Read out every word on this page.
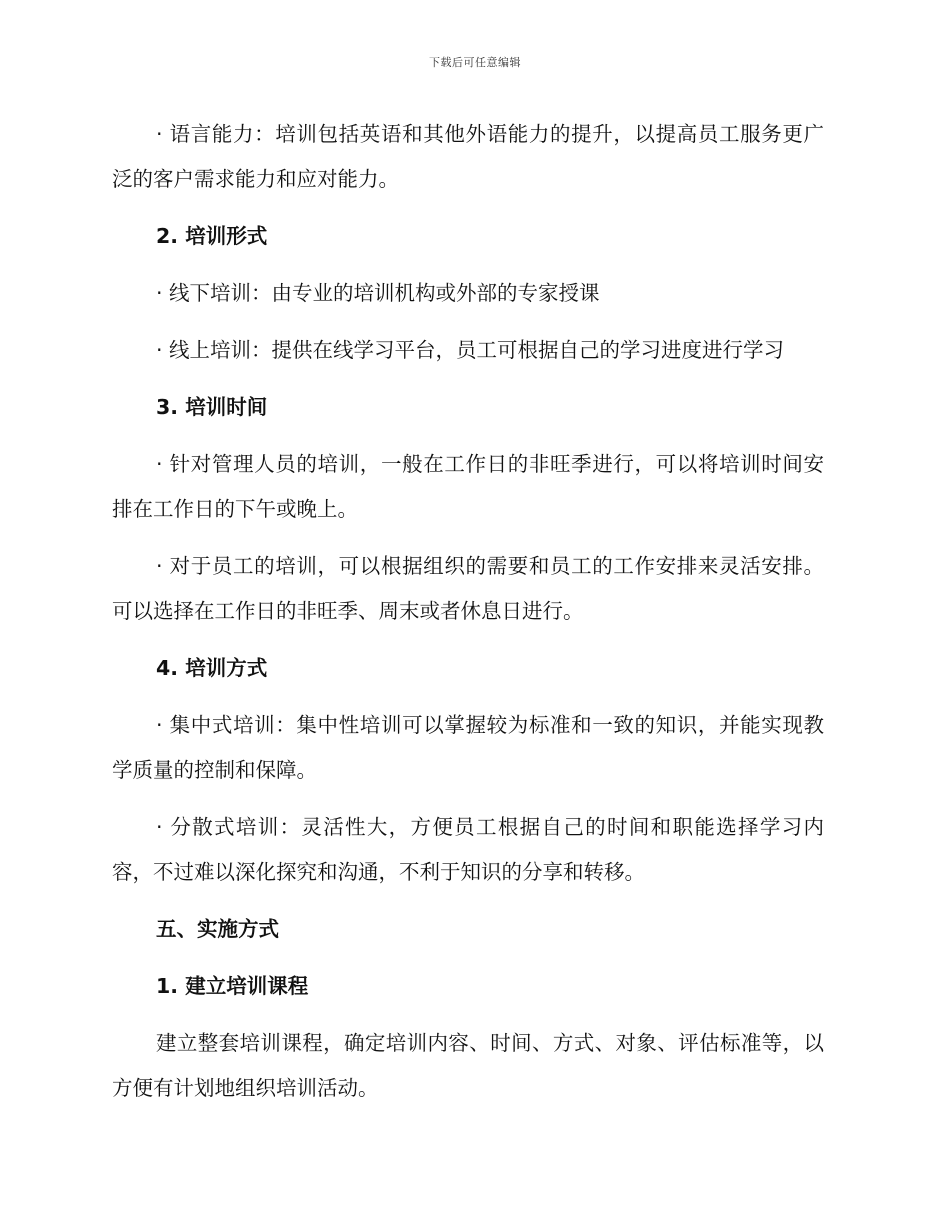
下载后可任意编辑

· 语言能力：培训包括英语和其他外语能力的提升，以提高员工服务更广泛的客户需求能力和应对能力。

2. 培训形式

· 线下培训：由专业的培训机构或外部的专家授课

· 线上培训：提供在线学习平台，员工可根据自己的学习进度进行学习

3. 培训时间

· 针对管理人员的培训，一般在工作日的非旺季进行，可以将培训时间安排在工作日的下午或晚上。

· 对于员工的培训，可以根据组织的需要和员工的工作安排来灵活安排。可以选择在工作日的非旺季、周末或者休息日进行。

4. 培训方式

· 集中式培训：集中性培训可以掌握较为标准和一致的知识，并能实现教学质量的控制和保障。

· 分散式培训：灵活性大，方便员工根据自己的时间和职能选择学习内容，不过难以深化探究和沟通，不利于知识的分享和转移。

五、实施方式

1. 建立培训课程

建立整套培训课程，确定培训内容、时间、方式、对象、评估标准等，以方便有计划地组织培训活动。
